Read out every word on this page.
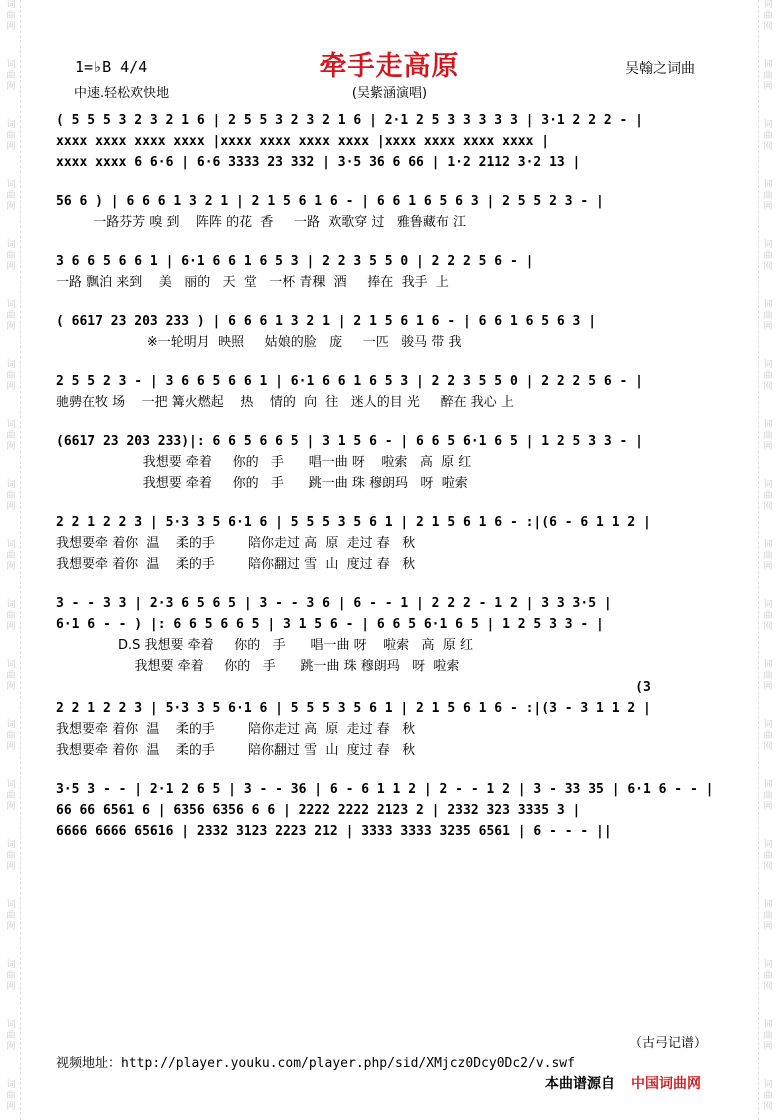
词
曲
网
词
曲
网
词
曲
网
词
曲
网
词
曲
网
词
曲
网
词
曲
网
词
曲
网
词
曲
网
词
曲
网
词
曲
网
词
曲
网
词
曲
网
词
曲
网
词
曲
网
词
曲
网
词
曲
网
词
曲
网
词
曲
网
词
曲
网
词
曲
网
词
曲
网
词
曲
网
词
曲
网
词
曲
网
词
曲
网
词
曲
网
词
曲
网
词
曲
网
词
曲
网
词
曲
网
词
曲
网
词
曲
网
词
曲
网
词
曲
网
词
曲
网
词
曲
网
词
曲
网
1=♭B 4/4
中速.轻松欢快地
牵手走高原
(吴紫涵演唱)
吴翰之词曲
( 5 5 5 3 2 3 2 1 6 | 2 5 5 3 2 3 2 1 6 | 2·1 2 5 3 3 3 3 3 | 3·1 2 2 2 - |
xxxx xxxx xxxx xxxx |xxxx xxxx xxxx xxxx |xxxx xxxx xxxx xxxx |
xxxx xxxx 6 6·6 | 6·6 3333 23 332 | 3·5 36 6 66 | 1·2 2112 3·2 13 |
56 6 ) | 6 6 6 1 3 2 1 | 2 1 5 6 1 6 - | 6 6 1 6 5 6 3 | 2 5 5 2 3 - |
一路芬芳 嗅 到    阵阵 的花  香     一路  欢歌穿 过   雅鲁藏布 江
3 6 6 5 6 6 1 | 6·1 6 6 1 6 5 3 | 2 2 3 5 5 0 | 2 2 2 5 6 - |
一路 飘泊 来到    美   丽的   天  堂   一杯 青稞  酒     捧在  我手  上
( 6617 23 203 233 ) | 6 6 6 1 3 2 1 | 2 1 5 6 1 6 - | 6 6 1 6 5 6 3 |
※一轮明月  映照     姑娘的脸   庞     一匹   骏马 带 我
2 5 5 2 3 - | 3 6 6 5 6 6 1 | 6·1 6 6 1 6 5 3 | 2 2 3 5 5 0 | 2 2 2 5 6 - |
驰骋在牧 场    一把 篝火燃起    热    情的  向  往   迷人的目 光     醉在 我心 上
(6617 23 203 233)|: 6 6 5 6 6 5 | 3 1 5 6 - | 6 6 5 6·1 6 5 | 1 2 5 3 3 - |
我想要 牵着     你的   手      唱一曲 呀    啦索   高  原 红
我想要 牵着     你的   手      跳一曲 珠 穆朗玛   呀  啦索
2 2 1 2 2 3 | 5·3 3 5 6·1 6 | 5 5 5 3 5 6 1 | 2 1 5 6 1 6 - :|(6 - 6 1 1 2 |
我想要牵 着你  温    柔的手        陪你走过 高  原  走过 春   秋
我想要牵 着你  温    柔的手        陪你翻过 雪  山  度过 春   秋
3 - - 3 3 | 2·3 6 5 6 5 | 3 - - 3 6 | 6 - - 1 | 2 2 2 - 1 2 | 3 3 3·5 |
6·1 6 - - ) |: 6 6 5 6 6 5 | 3 1 5 6 - | 6 6 5 6·1 6 5 | 1 2 5 3 3 - |
D.S 我想要 牵着     你的   手      唱一曲 呀    啦索   高  原 红
我想要 牵着     你的   手      跳一曲 珠 穆朗玛   呀  啦索
(3
2 2 1 2 2 3 | 5·3 3 5 6·1 6 | 5 5 5 3 5 6 1 | 2 1 5 6 1 6 - :|(3 - 3 1 1 2 |
我想要牵 着你  温    柔的手        陪你走过 高  原  走过 春   秋
我想要牵 着你  温    柔的手        陪你翻过 雪  山  度过 春   秋
3·5 3 - - | 2·1 2 6 5 | 3 - - 36 | 6 - 6 1 1 2 | 2 - - 1 2 | 3 - 33 35 | 6·1 6 - - |
66 66 6561 6 | 6356 6356 6 6 | 2222 2222 2123 2 | 2332 323 3335 3 |
6666 6666 65616 | 2332 3123 2223 212 | 3333 3333 3235 6561 | 6 - - - ||
（古弓记谱）
视频地址：http://player.youku.com/player.php/sid/XMjcz0Dcy0Dc2/v.swf
本曲谱源自 中国词曲网
